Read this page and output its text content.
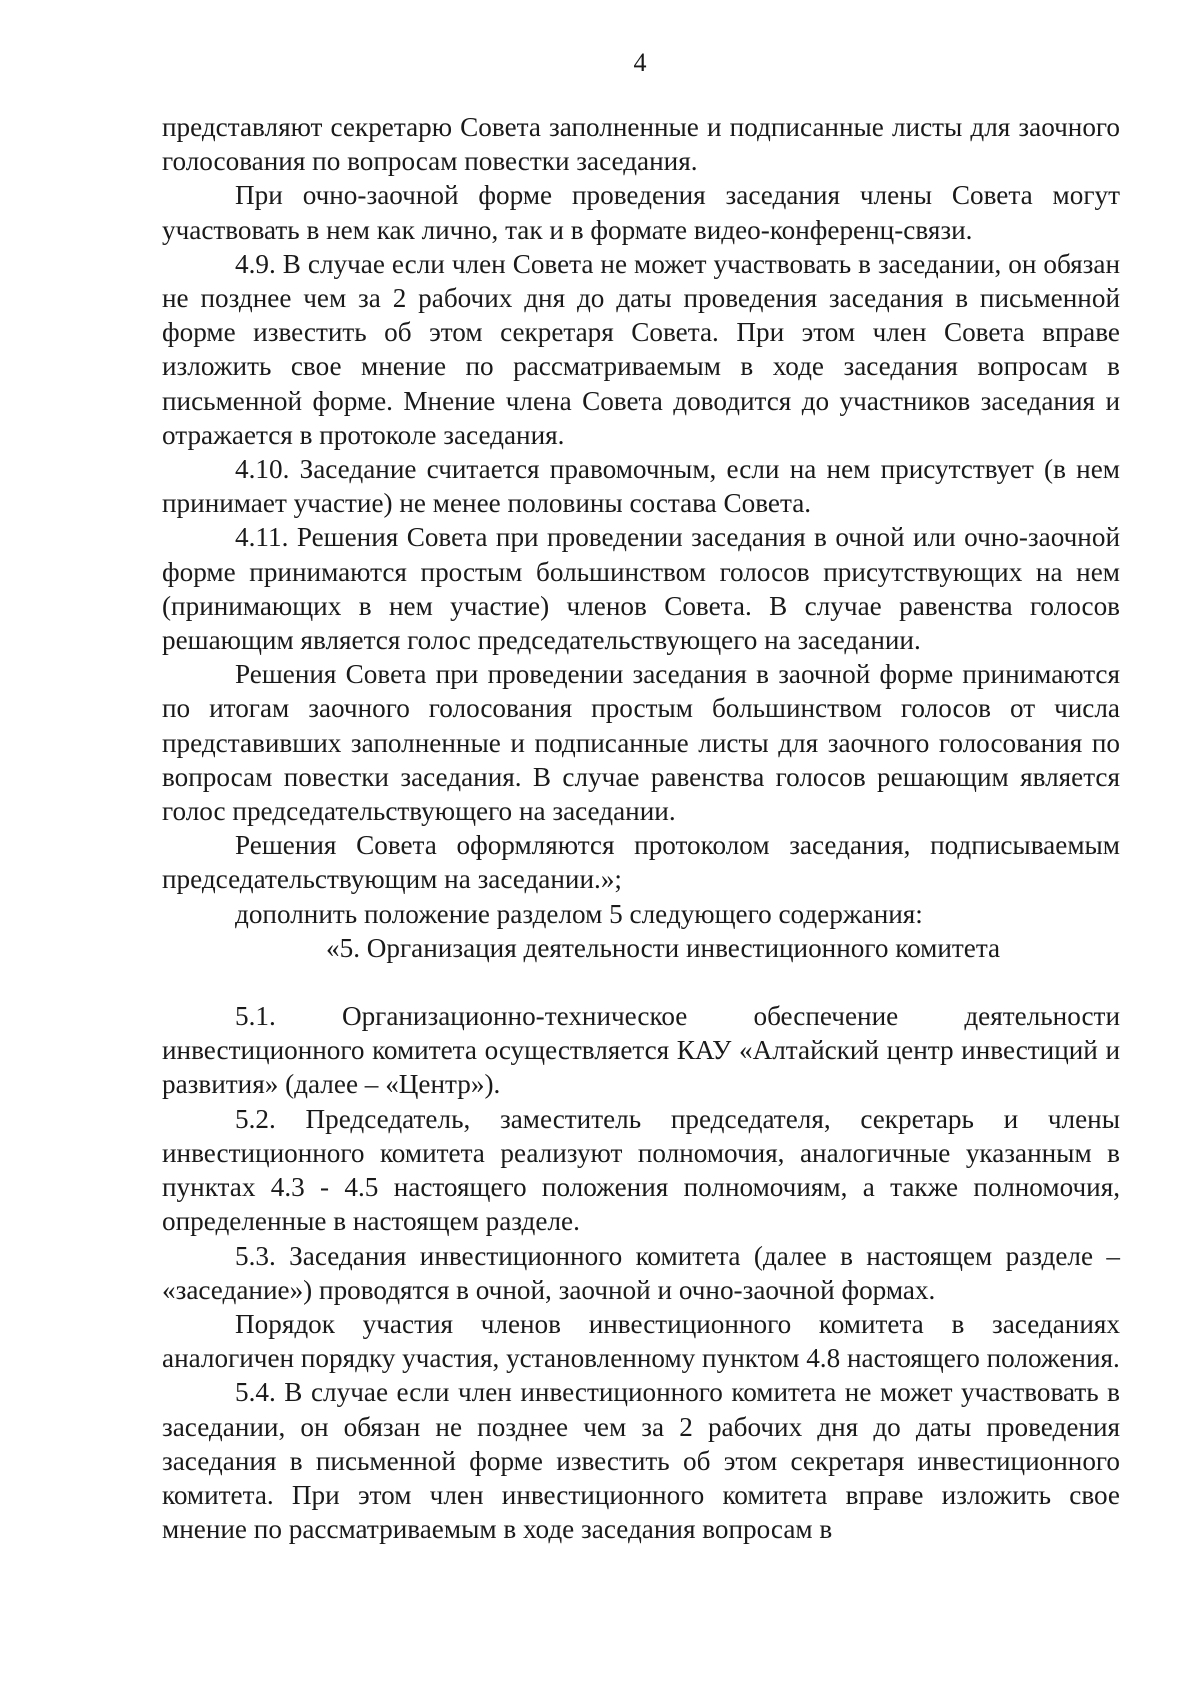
4

представляют секретарю Совета заполненные и подписанные листы для заочного голосования по вопросам повестки заседания.

При очно-заочной форме проведения заседания члены Совета могут участвовать в нем как лично, так и в формате видео-конференц-связи.

4.9. В случае если член Совета не может участвовать в заседании, он обязан не позднее чем за 2 рабочих дня до даты проведения заседания в письменной форме известить об этом секретаря Совета. При этом член Совета вправе изложить свое мнение по рассматриваемым в ходе заседания вопросам в письменной форме. Мнение члена Совета доводится до участников заседания и отражается в протоколе заседания.

4.10. Заседание считается правомочным, если на нем присутствует (в нем принимает участие) не менее половины состава Совета.

4.11. Решения Совета при проведении заседания в очной или очно-заочной форме принимаются простым большинством голосов присутствующих на нем (принимающих в нем участие) членов Совета. В случае равенства голосов решающим является голос председательствующего на заседании.

Решения Совета при проведении заседания в заочной форме принимаются по итогам заочного голосования простым большинством голосов от числа представивших заполненные и подписанные листы для заочного голосования по вопросам повестки заседания. В случае равенства голосов решающим является голос председательствующего на заседании.

Решения Совета оформляются протоколом заседания, подписываемым председательствующим на заседании.»;

дополнить положение разделом 5 следующего содержания:

«5. Организация деятельности инвестиционного комитета

5.1. Организационно-техническое обеспечение деятельности инвестиционного комитета осуществляется КАУ «Алтайский центр инвестиций и развития» (далее – «Центр»).

5.2. Председатель, заместитель председателя, секретарь и члены инвестиционного комитета реализуют полномочия, аналогичные указанным в пунктах 4.3 - 4.5 настоящего положения полномочиям, а также полномочия, определенные в настоящем разделе.

5.3. Заседания инвестиционного комитета (далее в настоящем разделе – «заседание») проводятся в очной, заочной и очно-заочной формах.

Порядок участия членов инвестиционного комитета в заседаниях аналогичен порядку участия, установленному пунктом 4.8 настоящего положения.

5.4. В случае если член инвестиционного комитета не может участвовать в заседании, он обязан не позднее чем за 2 рабочих дня до даты проведения заседания в письменной форме известить об этом секретаря инвестиционного комитета. При этом член инвестиционного комитета вправе изложить свое мнение по рассматриваемым в ходе заседания вопросам в
